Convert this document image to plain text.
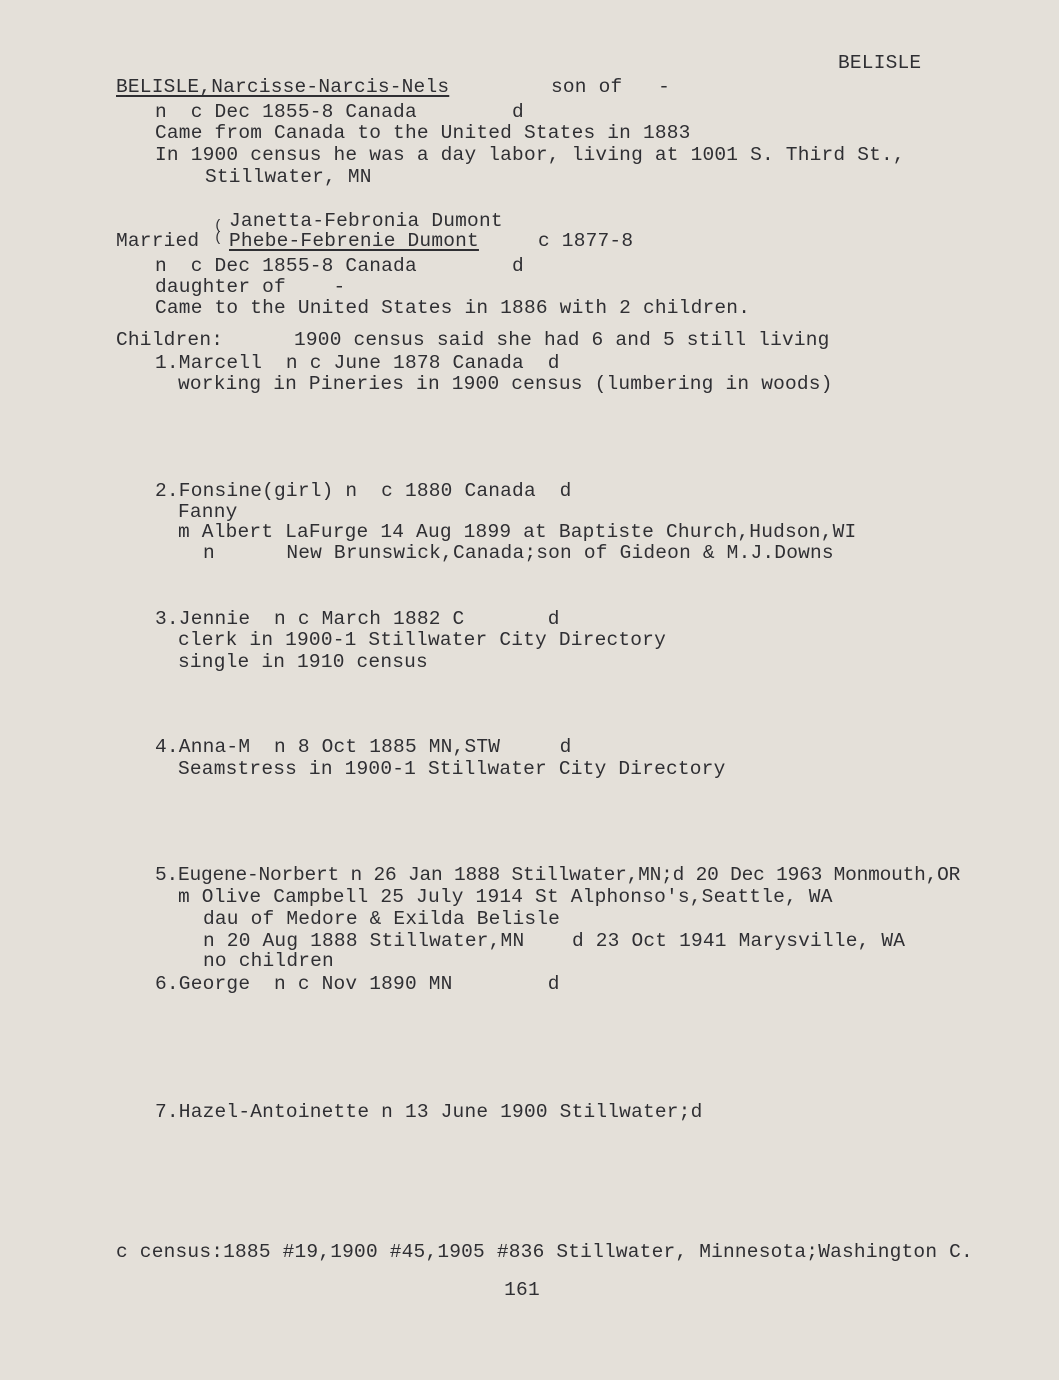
BELISLE
BELISLE,Narcisse-Narcis-Nels	son of   -
n  c Dec 1855-8 Canada	d
Came from Canada to the United States in 1883
In 1900 census he was a day labor, living at 1001 S. Third St.,
Stillwater, MN
Janetta-Febronia Dumont
(
(
Married Phebe-Febrenie Dumont	c 1877-8
n  c Dec 1855-8 Canada	d
daughter of    -
Came to the United States in 1886 with 2 children.
Children:	1900 census said she had 6 and 5 still living
1.Marcell  n c June 1878 Canada  d
working in Pineries in 1900 census (lumbering in woods)
2.Fonsine(girl) n  c 1880 Canada  d
Fanny
m Albert LaFurge 14 Aug 1899 at Baptiste Church,Hudson,WI
n      New Brunswick,Canada;son of Gideon & M.J.Downs
3.Jennie  n c March 1882 C       d
clerk in 1900-1 Stillwater City Directory
single in 1910 census
4.Anna-M  n 8 Oct 1885 MN,STW     d
Seamstress in 1900-1 Stillwater City Directory
5.Eugene-Norbert n 26 Jan 1888 Stillwater,MN;d 20 Dec 1963 Monmouth,OR
m Olive Campbell 25 July 1914 St Alphonso's,Seattle, WA
dau of Medore & Exilda Belisle
n 20 Aug 1888 Stillwater,MN    d 23 Oct 1941 Marysville, WA
no children
6.George  n c Nov 1890 MN        d
7.Hazel-Antoinette n 13 June 1900 Stillwater;d
c census:1885 #19,1900 #45,1905 #836 Stillwater, Minnesota;Washington C.
161
